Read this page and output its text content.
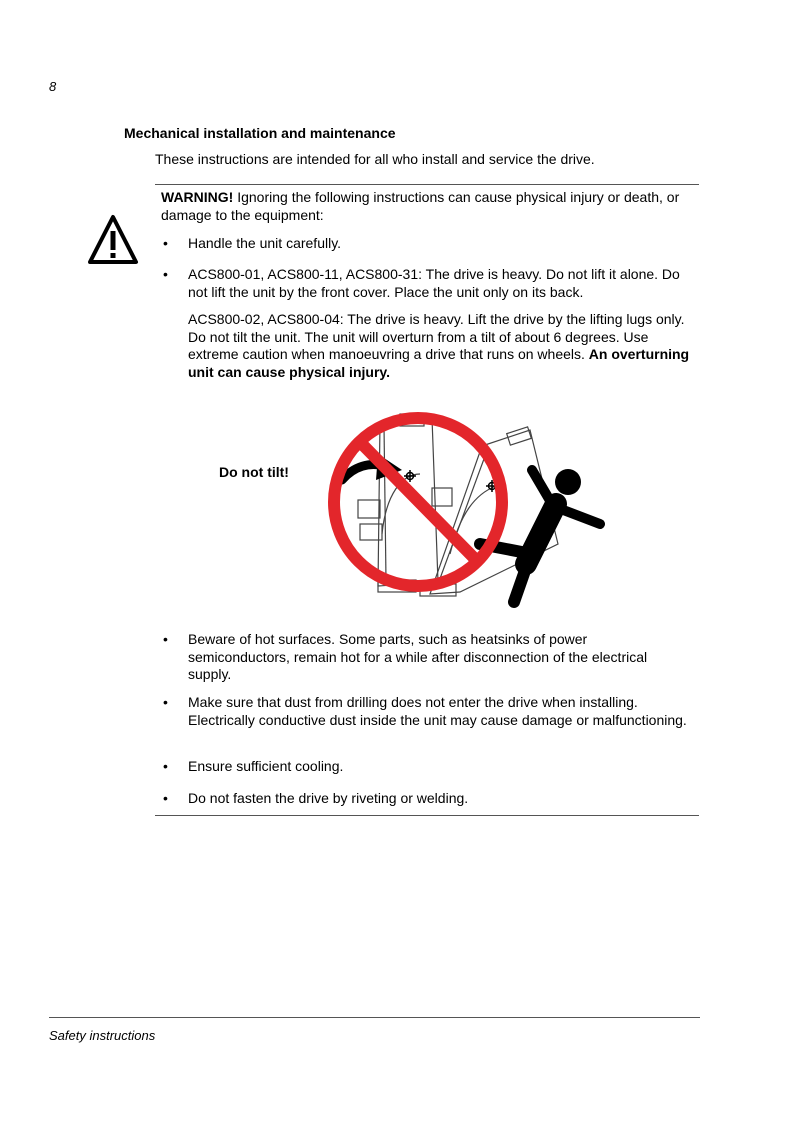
8
Mechanical installation and maintenance
These instructions are intended for all who install and service the drive.
WARNING! Ignoring the following instructions can cause physical injury or death, or damage to the equipment:
• Handle the unit carefully.
• ACS800-01, ACS800-11, ACS800-31: The drive is heavy. Do not lift it alone. Do not lift the unit by the front cover. Place the unit only on its back.
ACS800-02, ACS800-04: The drive is heavy. Lift the drive by the lifting lugs only. Do not tilt the unit. The unit will overturn from a tilt of about 6 degrees. Use extreme caution when manoeuvring a drive that runs on wheels. An overturning unit can cause physical injury.
Do not tilt!
• Beware of hot surfaces. Some parts, such as heatsinks of power semiconductors, remain hot for a while after disconnection of the electrical supply.
• Make sure that dust from drilling does not enter the drive when installing. Electrically conductive dust inside the unit may cause damage or malfunctioning.
• Ensure sufficient cooling.
• Do not fasten the drive by riveting or welding.
Safety instructions
